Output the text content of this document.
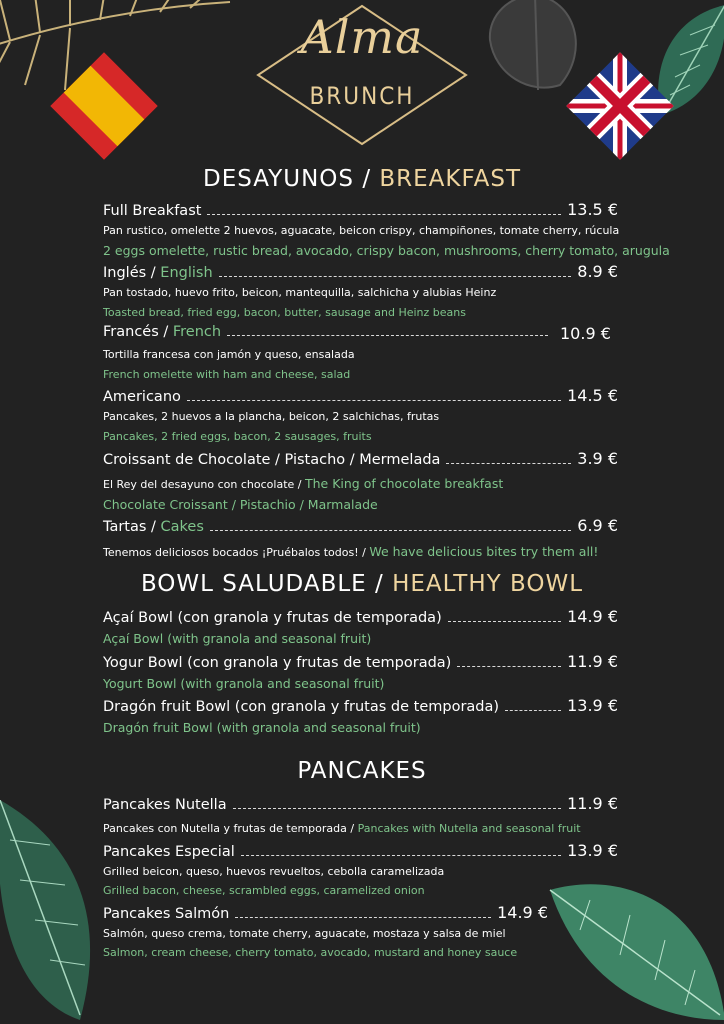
Alma
BRUNCH
DESAYUNOS / BREAKFAST
Full Breakfast	13.5 €
Pan rustico, omelette 2 huevos, aguacate, beicon crispy, champiñones, tomate cherry, rúcula
2 eggs omelette, rustic bread, avocado, crispy bacon, mushrooms, cherry tomato, arugula
Inglés / English	8.9 €
Pan tostado, huevo frito, beicon, mantequilla, salchicha y alubias Heinz
Toasted bread, fried egg, bacon, butter, sausage and Heinz beans
Francés / French	10.9 €
Tortilla francesa con jamón y queso, ensalada
French omelette with ham and cheese, salad
Americano	14.5 €
Pancakes, 2 huevos a la plancha, beicon, 2 salchichas, frutas
Pancakes, 2 fried eggs, bacon, 2 sausages, fruits
Croissant de Chocolate / Pistacho / Mermelada	3.9 €
El Rey del desayuno con chocolate / The King of chocolate breakfast
Chocolate Croissant / Pistachio / Marmalade
Tartas / Cakes	6.9 €
Tenemos deliciosos bocados ¡Pruébalos todos! / We have delicious bites try them all!
BOWL SALUDABLE / HEALTHY BOWL
Açaí Bowl (con granola y frutas de temporada)	14.9 €
Açaí Bowl (with granola and seasonal fruit)
Yogur Bowl (con granola y frutas de temporada)	11.9 €
Yogurt Bowl (with granola and seasonal fruit)
Dragón fruit Bowl (con granola y frutas de temporada)	13.9 €
Dragón fruit Bowl (with granola and seasonal fruit)
PANCAKES
Pancakes Nutella	11.9 €
Pancakes con Nutella y frutas de temporada / Pancakes with Nutella and seasonal fruit
Pancakes Especial	13.9 €
Grilled beicon, queso, huevos revueltos, cebolla caramelizada
Grilled bacon, cheese, scrambled eggs, caramelized onion
Pancakes Salmón	14.9 €
Salmón, queso crema, tomate cherry, aguacate, mostaza y salsa de miel
Salmon, cream cheese, cherry tomato, avocado, mustard and honey sauce
